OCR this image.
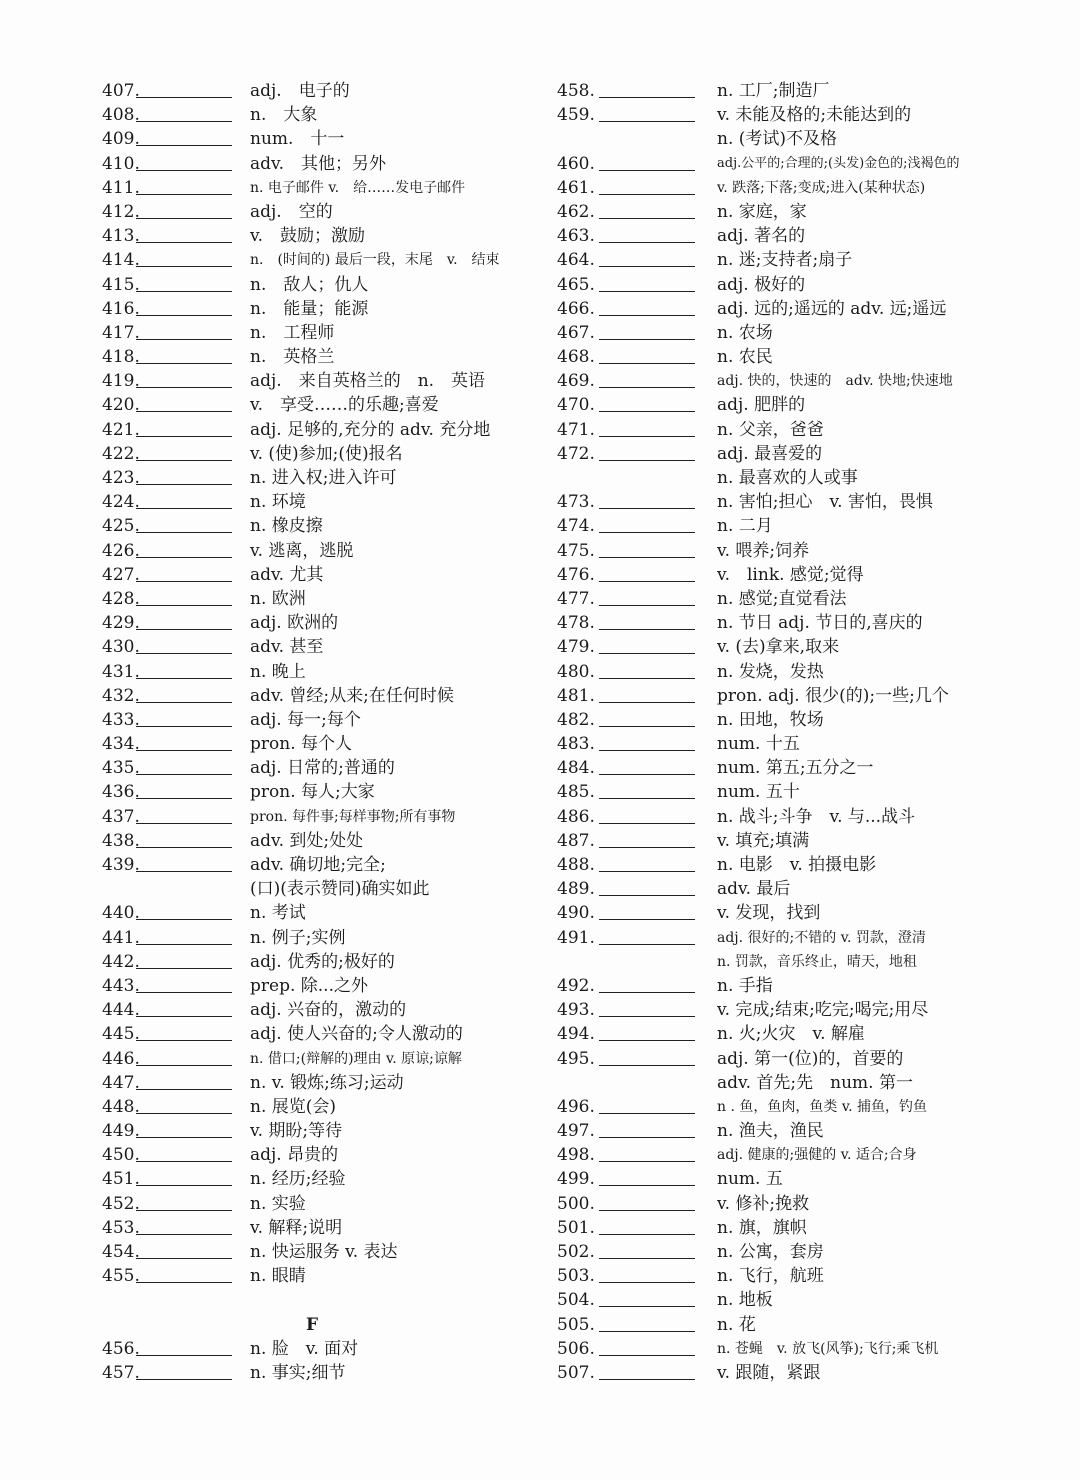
407.	adj.　电子的
408.	n.　大象
409.	num.　十一
410.	adv.　其他；另外
411.	n. 电子邮件 v.　给……发电子邮件
412.	adj.　空的
413.	v.　鼓励；激励
414.	n.　(时间的) 最后一段，末尾　v.　结束
415.	n.　敌人；仇人
416.	n.　能量；能源
417.	n.　工程师
418.	n.　英格兰
419.	adj.　来自英格兰的　n.　英语
420.	v.　享受……的乐趣;喜爱
421.	adj. 足够的,充分的 adv. 充分地
422.	v. (使)参加;(使)报名
423.	n. 进入权;进入许可
424.	n. 环境
425.	n. 橡皮擦
426.	v. 逃离，逃脱
427.	adv. 尤其
428.	n. 欧洲
429.	adj. 欧洲的
430.	adv. 甚至
431.	n. 晚上
432.	adv. 曾经;从来;在任何时候
433.	adj. 每一;每个
434.	pron. 每个人
435.	adj. 日常的;普通的
436.	pron. 每人;大家
437.	pron. 每件事;每样事物;所有事物
438.	adv. 到处;处处
439.	adv. 确切地;完全;
(口)(表示赞同)确实如此
440.	n. 考试
441.	n. 例子;实例
442.	adj. 优秀的;极好的
443.	prep. 除...之外
444.	adj. 兴奋的，激动的
445.	adj. 使人兴奋的;令人激动的
446.	n. 借口;(辩解的)理由 v. 原谅;谅解
447.	n. v. 锻炼;练习;运动
448.	n. 展览(会)
449.	v. 期盼;等待
450.	adj. 昂贵的
451.	n. 经历;经验
452.	n. 实验
453.	v. 解释;说明
454.	n. 快运服务 v. 表达
455.	n. 眼睛
F
456.	n. 脸　v. 面对
457.	n. 事实;细节
458.	n. 工厂;制造厂
459.	v. 未能及格的;未能达到的
n. (考试)不及格
460.	adj.公平的;合理的;(头发)金色的;浅褐色的
461.	v. 跌落;下落;变成;进入(某种状态)
462.	n. 家庭，家
463.	adj. 著名的
464.	n. 迷;支持者;扇子
465.	adj. 极好的
466.	adj. 远的;遥远的 adv. 远;遥远
467.	n. 农场
468.	n. 农民
469.	adj. 快的，快速的　adv. 快地;快速地
470.	adj. 肥胖的
471.	n. 父亲，爸爸
472.	adj. 最喜爱的
n. 最喜欢的人或事
473.	n. 害怕;担心　v. 害怕，畏惧
474.	n. 二月
475.	v. 喂养;饲养
476.	v.　link. 感觉;觉得
477.	n. 感觉;直觉看法
478.	n. 节日 adj. 节日的,喜庆的
479.	v. (去)拿来,取来
480.	n. 发烧，发热
481.	pron. adj. 很少(的);一些;几个
482.	n. 田地，牧场
483.	num. 十五
484.	num. 第五;五分之一
485.	num. 五十
486.	n. 战斗;斗争　v. 与...战斗
487.	v. 填充;填满
488.	n. 电影　v. 拍摄电影
489.	adv. 最后
490.	v. 发现，找到
491.	adj. 很好的;不错的 v. 罚款，澄清
n. 罚款，音乐终止，晴天，地租
492.	n. 手指
493.	v. 完成;结束;吃完;喝完;用尽
494.	n. 火;火灾　v. 解雇
495.	adj. 第一(位)的，首要的
adv. 首先;先　num. 第一
496.	n . 鱼，鱼肉，鱼类 v. 捕鱼，钓鱼
497.	n. 渔夫，渔民
498.	adj. 健康的;强健的 v. 适合;合身
499.	num. 五
500.	v. 修补;挽救
501.	n. 旗，旗帜
502.	n. 公寓，套房
503.	n. 飞行，航班
504.	n. 地板
505.	n. 花
506.	n. 苍蝇　v. 放飞(风筝);飞行;乘飞机
507.	v. 跟随，紧跟
